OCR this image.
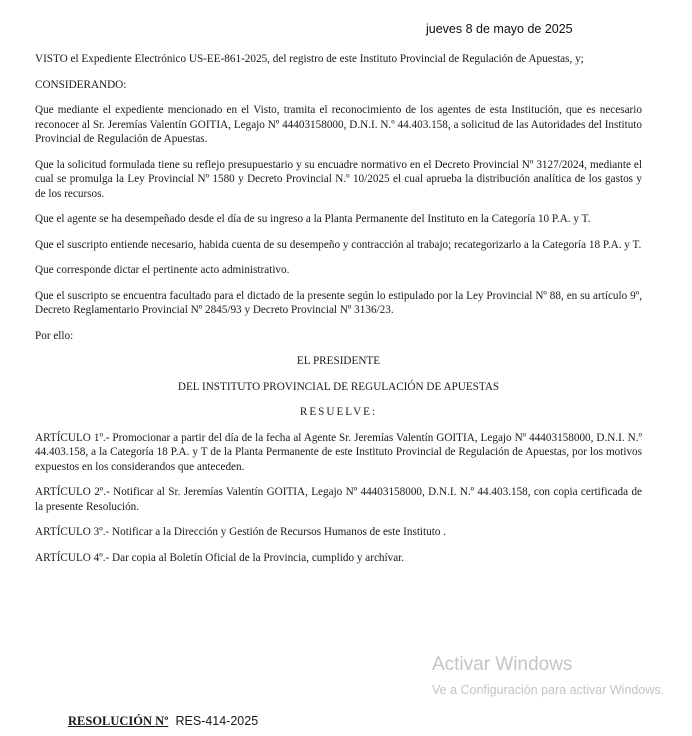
jueves 8 de mayo de 2025

VISTO el Expediente Electrónico US-EE-861-2025, del registro de este Instituto Provincial de Regulación de Apuestas, y;

CONSIDERANDO:

Que mediante el expediente mencionado en el Visto, tramita el reconocimiento de los agentes de esta Institución, que es necesario reconocer al Sr. Jeremías Valentín GOITIA, Legajo Nº 44403158000, D.N.I. N.º 44.403.158, a solicitud de las Autoridades del Instituto Provincial de Regulación de Apuestas.

Que la solicitud formulada tiene su reflejo presupuestario y su encuadre normativo en el Decreto Provincial Nº 3127/2024, mediante el cual se promulga la Ley Provincial Nº 1580 y Decreto Provincial N.º 10/2025 el cual aprueba la distribución analítica de los gastos y de los recursos.

Que el agente se ha desempeñado desde el día de su ingreso a la Planta Permanente del Instituto en la Categoría 10 P.A. y T.

Que el suscripto entiende necesario, habida cuenta de su desempeño y contracción al trabajo; recategorizarlo a la Categoría 18 P.A. y T.

Que corresponde dictar el pertinente acto administrativo.

Que el suscripto se encuentra facultado para el dictado de la presente según lo estipulado por la Ley Provincial Nº 88, en su artículo 9º, Decreto Reglamentario Provincial Nº 2845/93 y Decreto Provincial Nº 3136/23.

Por ello:

EL PRESIDENTE

DEL INSTITUTO PROVINCIAL DE REGULACIÓN DE APUESTAS

RESUELVE:

ARTÍCULO 1º.- Promocionar a partir del día de la fecha al Agente Sr. Jeremías Valentín GOITIA, Legajo Nº 44403158000, D.N.I. N.º 44.403.158, a la Categoría 18 P.A. y T de la Planta Permanente de este Instituto Provincial de Regulación de Apuestas, por los motivos expuestos en los considerandos que anteceden.

ARTÍCULO 2º.- Notificar al Sr. Jeremías Valentín GOITIA, Legajo Nº 44403158000, D.N.I. N.º 44.403.158, con copia certificada de la presente Resolución.

ARTÍCULO 3º.- Notificar a la Dirección y Gestión de Recursos Humanos de este Instituto .

ARTÍCULO 4º.- Dar copia al Boletín Oficial de la Provincia, cumplido y archívar.

Activar Windows
Ve a Configuración para activar Windows.
RESOLUCIÓN Nº RES-414-2025
